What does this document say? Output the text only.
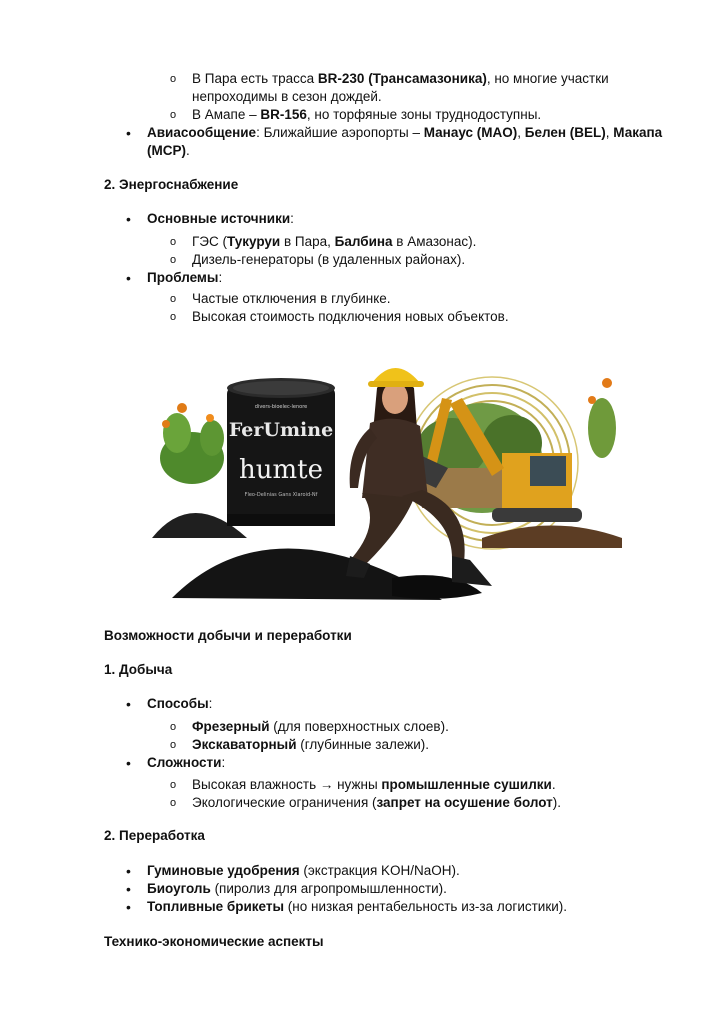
o В Пара есть трасса BR-230 (Трансамазоника), но многие участки
непроходимы в сезон дождей.
o В Амапе – BR-156, но торфяные зоны труднодоступны.
• Авиасообщение: Ближайшие аэропорты – Манаус (MAO), Белен (BEL), Макапа
(MCP).
2. Энергоснабжение
• Основные источники:
o ГЭС (Тукуруи в Пара, Балбина в Амазонас).
o Дизель-генераторы (в удаленных районах).
• Проблемы:
o Частые отключения в глубинке.
o Высокая стоимость подключения новых объектов.
divers-bioelec-lenore
FerUmine
humte
Fleo-Delinias Gans Xlaroid-Nf
Возможности добычи и переработки
1. Добыча
• Способы:
o Фрезерный (для поверхностных слоев).
o Экскаваторный (глубинные залежи).
• Сложности:
o Высокая влажность → нужны промышленные сушилки.
o Экологические ограничения (запрет на осушение болот).
2. Переработка
• Гуминовые удобрения (экстракция KOH/NaOH).
• Биоуголь (пиролиз для агропромышленности).
• Топливные брикеты (но низкая рентабельность из-за логистики).
Технико-экономические аспекты
